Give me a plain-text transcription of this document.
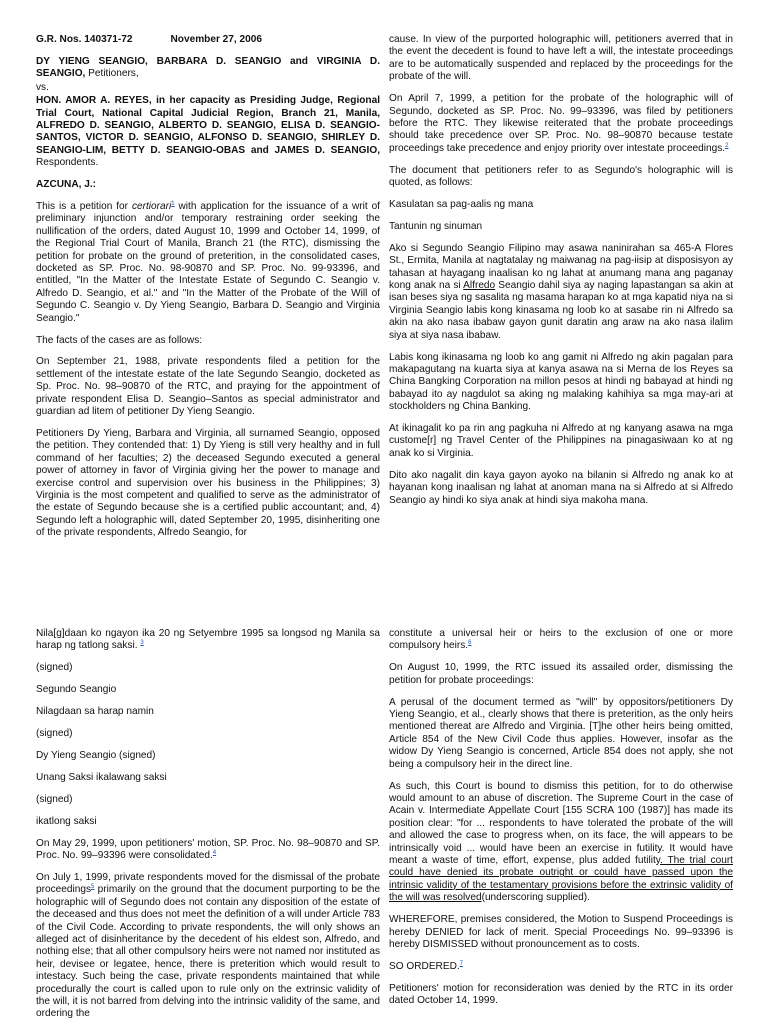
G.R. Nos. 140371-72	November 27, 2006

DY YIENG SEANGIO, BARBARA D. SEANGIO and VIRGINIA D. SEANGIO, Petitioners,

vs.

HON. AMOR A. REYES, in her capacity as Presiding Judge, Regional Trial Court, National Capital Judicial Region, Branch 21, Manila, ALFREDO D. SEANGIO, ALBERTO D. SEANGIO, ELISA D. SEANGIO-SANTOS, VICTOR D. SEANGIO, ALFONSO D. SEANGIO, SHIRLEY D. SEANGIO-LIM, BETTY D. SEANGIO-OBAS and JAMES D. SEANGIO, Respondents.

AZCUNA, J.:

This is a petition for certiorari$^1$ with application for the issuance of a writ of preliminary injunction and/or temporary restraining order seeking the nullification of the orders, dated August 10, 1999 and October 14, 1999, of the Regional Trial Court of Manila, Branch 21 (the RTC), dismissing the petition for probate on the ground of preterition, in the consolidated cases, docketed as SP. Proc. No. 98-90870 and SP. Proc. No. 99-93396, and entitled, "In the Matter of the Intestate Estate of Segundo C. Seangio v. Alfredo D. Seangio, et al." and "In the Matter of the Probate of the Will of Segundo C. Seangio v. Dy Yieng Seangio, Barbara D. Seangio and Virginia Seangio."

The facts of the cases are as follows:

On September 21, 1988, private respondents filed a petition for the settlement of the intestate estate of the late Segundo Seangio, docketed as Sp. Proc. No. 98–90870 of the RTC, and praying for the appointment of private respondent Elisa D. Seangio–Santos as special administrator and guardian ad litem of petitioner Dy Yieng Seangio.

Petitioners Dy Yieng, Barbara and Virginia, all surnamed Seangio, opposed the petition. They contended that: 1) Dy Yieng is still very healthy and in full command of her faculties; 2) the deceased Segundo executed a general power of attorney in favor of Virginia giving her the power to manage and exercise control and supervision over his business in the Philippines; 3) Virginia is the most competent and qualified to serve as the administrator of the estate of Segundo because she is a certified public accountant; and, 4) Segundo left a holographic will, dated September 20, 1995, disinheriting one of the private respondents, Alfredo Seangio, for

cause. In view of the purported holographic will, petitioners averred that in the event the decedent is found to have left a will, the intestate proceedings are to be automatically suspended and replaced by the proceedings for the probate of the will.

On April 7, 1999, a petition for the probate of the holographic will of Segundo, docketed as SP. Proc. No. 99–93396, was filed by petitioners before the RTC. They likewise reiterated that the probate proceedings should take precedence over SP. Proc. No. 98–90870 because testate proceedings take precedence and enjoy priority over intestate proceedings.$^2$

The document that petitioners refer to as Segundo's holographic will is quoted, as follows:

Kasulatan sa pag-aalis ng mana

Tantunin ng sinuman

Ako si Segundo Seangio Filipino may asawa naninirahan sa 465-A Flores St., Ermita, Manila at nagtatalay ng maiwanag na pag-iisip at disposisyon ay tahasan at hayagang inaalisan ko ng lahat at anumang mana ang paganay kong anak na si Alfredo Seangio dahil siya ay naging lapastangan sa akin at isan beses siya ng sasalita ng masama harapan ko at mga kapatid niya na si Virginia Seangio labis kong kinasama ng loob ko at sasabe rin ni Alfredo sa akin na ako nasa ibabaw gayon gunit daratin ang araw na ako nasa ilalim siya at siya nasa ibabaw.

Labis kong ikinasama ng loob ko ang gamit ni Alfredo ng akin pagalan para makapagutang na kuarta siya at kanya asawa na si Merna de los Reyes sa China Bangking Corporation na millon pesos at hindi ng babayad at hindi ng babayad ito ay nagdulot sa aking ng malaking kahihiya sa mga may-ari at stockholders ng China Banking.

At ikinagalit ko pa rin ang pagkuha ni Alfredo at ng kanyang asawa na mga custome[r] ng Travel Center of the Philippines na pinagasiwaan ko at ng anak ko si Virginia.

Dito ako nagalit din kaya gayon ayoko na bilanin si Alfredo ng anak ko at hayanan kong inaalisan ng lahat at anoman mana na si Alfredo at si Alfredo Seangio ay hindi ko siya anak at hindi siya makoha mana.

Nila[g]daan ko ngayon ika 20 ng Setyembre 1995 sa longsod ng Manila sa harap ng tatlong saksi. $^3$

(signed)

Segundo Seangio

Nilagdaan sa harap namin

(signed)

Dy Yieng Seangio (signed)

Unang Saksi ikalawang saksi

(signed)

ikatlong saksi

On May 29, 1999, upon petitioners' motion, SP. Proc. No. 98–90870 and SP. Proc. No. 99–93396 were consolidated.$^4$

On July 1, 1999, private respondents moved for the dismissal of the probate proceedings$^5$ primarily on the ground that the document purporting to be the holographic will of Segundo does not contain any disposition of the estate of the deceased and thus does not meet the definition of a will under Article 783 of the Civil Code. According to private respondents, the will only shows an alleged act of disinheritance by the decedent of his eldest son, Alfredo, and nothing else; that all other compulsory heirs were not named nor instituted as heir, devisee or legatee, hence, there is preterition which would result to intestacy. Such being the case, private respondents maintained that while procedurally the court is called upon to rule only on the extrinsic validity of the will, it is not barred from delving into the intrinsic validity of the same, and ordering the

constitute a universal heir or heirs to the exclusion of one or more compulsory heirs.$^6$

On August 10, 1999, the RTC issued its assailed order, dismissing the petition for probate proceedings:

A perusal of the document termed as "will" by oppositors/petitioners Dy Yieng Seangio, et al., clearly shows that there is preterition, as the only heirs mentioned thereat are Alfredo and Virginia. [T]he other heirs being omitted, Article 854 of the New Civil Code thus applies. However, insofar as the widow Dy Yieng Seangio is concerned, Article 854 does not apply, she not being a compulsory heir in the direct line.

As such, this Court is bound to dismiss this petition, for to do otherwise would amount to an abuse of discretion. The Supreme Court in the case of Acain v. Intermediate Appellate Court [155 SCRA 100 (1987)] has made its position clear: "for ... respondents to have tolerated the probate of the will and allowed the case to progress when, on its face, the will appears to be intrinsically void ... would have been an exercise in futility. It would have meant a waste of time, effort, expense, plus added futility. The trial court could have denied its probate outright or could have passed upon the intrinsic validity of the testamentary provisions before the extrinsic validity of the will was resolved(underscoring supplied).

WHEREFORE, premises considered, the Motion to Suspend Proceedings is hereby DENIED for lack of merit. Special Proceedings No. 99–93396 is hereby DISMISSED without pronouncement as to costs.

SO ORDERED.$^7$

Petitioners' motion for reconsideration was denied by the RTC in its order dated October 14, 1999.
